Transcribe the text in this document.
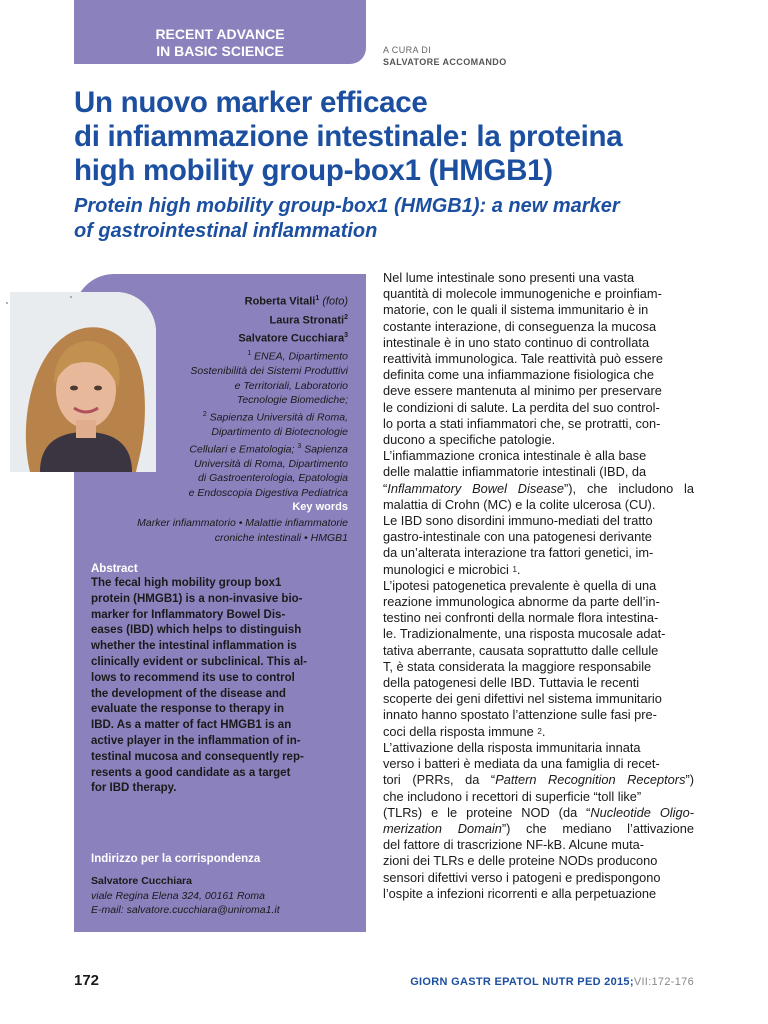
RECENT ADVANCE
IN BASIC SCIENCE	A CURA DI
SALVATORE ACCOMANDO
Un nuovo marker efficace
di infiammazione intestinale: la proteina
high mobility group-box1 (HMGB1)
Protein high mobility group-box1 (HMGB1): a new marker
of gastrointestinal inflammation
Roberta Vitali$^1$ (foto)
Laura Stronati$^2$
Salvatore Cucchiara$^3$
$^1$ ENEA, Dipartimento
Sostenibilità dei Sistemi Produttivi
e Territoriali, Laboratorio
Tecnologie Biomediche;
$^2$ Sapienza Università di Roma,
Dipartimento di Biotecnologie
Cellulari e Ematologia; $^3$ Sapienza
Università di Roma, Dipartimento
di Gastroenterologia, Epatologia
e Endoscopia Digestiva Pediatrica
Key words
Marker infiammatorio • Malattie infiammatorie
croniche intestinali • HMGB1
Abstract

The fecal high mobility group box1
protein (HMGB1) is a non-invasive bio-
marker for Inflammatory Bowel Dis-
eases (IBD) which helps to distinguish
whether the intestinal inflammation is
clinically evident or subclinical. This al-
lows to recommend its use to control
the development of the disease and
evaluate the response to therapy in
IBD. As a matter of fact HMGB1 is an
active player in the inflammation of in-
testinal mucosa and consequently rep-
resents a good candidate as a target
for IBD therapy.

Indirizzo per la corrispondenza
Salvatore Cucchiara
viale Regina Elena 324, 00161 Roma
E-mail: salvatore.cucchiara@uniroma1.it

Nel lume intestinale sono presenti una vasta
quantità di molecole immunogeniche e proinfiam-
matorie, con le quali il sistema immunitario è in
costante interazione, di conseguenza la mucosa
intestinale è in uno stato continuo di controllata
reattività immunologica. Tale reattività può essere
definita come una infiammazione fisiologica che
deve essere mantenuta al minimo per preservare
le condizioni di salute. La perdita del suo control-
lo porta a stati infiammatori che, se protratti, con-
ducono a specifiche patologie.
L’infiammazione cronica intestinale è alla base
delle malattie infiammatorie intestinali (IBD, da
“Inflammatory Bowel Disease”), che includono la
malattia di Crohn (MC) e la colite ulcerosa (CU).
Le IBD sono disordini immuno-mediati del tratto
gastro-intestinale con una patogenesi derivante
da un’alterata interazione tra fattori genetici, im-
munologici e microbici
1 .
L’ipotesi patogenetica prevalente è quella di una
reazione immunologica abnorme da parte dell’in-
testino nei confronti della normale flora intestina-
le. Tradizionalmente, una risposta mucosale adat-
tativa aberrante, causata soprattutto dalle cellule
T, è stata considerata la maggiore responsabile
della patogenesi delle IBD. Tuttavia le recenti
scoperte dei geni difettivi nel sistema immunitario
innato hanno spostato l’attenzione sulle fasi pre-
coci della risposta immune
2 .
L’attivazione della risposta immunitaria innata
verso i batteri è mediata da una famiglia di recet-
tori (PRRs, da “Pattern Recognition Receptors”)
che includono i recettori di superficie “toll like”
(TLRs) e le proteine NOD (da “Nucleotide Oligo-
merization Domain”) che mediano l’attivazione
del fattore di trascrizione NF-kB. Alcune muta-
zioni dei TLRs e delle proteine NODs producono
sensori difettivi verso i patogeni e predispongono
l’ospite a infezioni ricorrenti e alla perpetuazione

172	GIORN GASTR EPATOL NUTR PED 2015;VII:172-176
